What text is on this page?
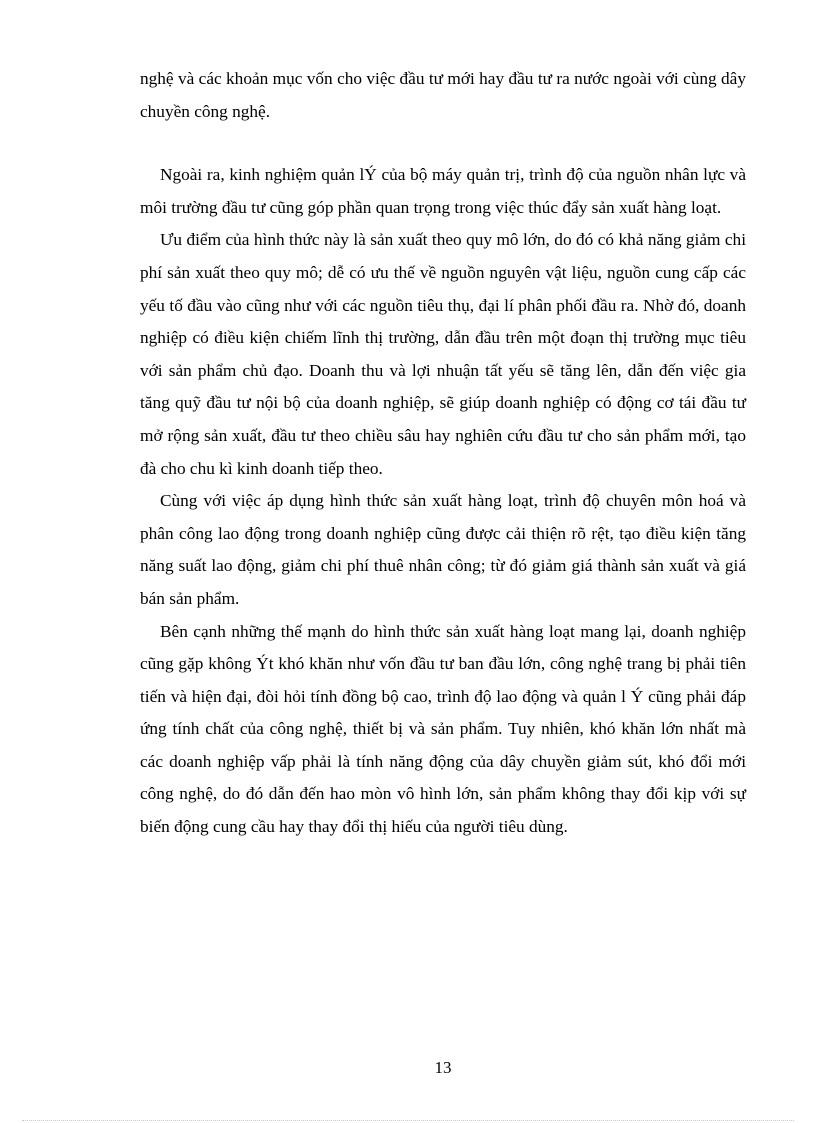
nghệ và các khoản mục vốn cho việc đầu tư mới hay đầu tư ra nước ngoài với cùng dây chuyền công nghệ.

Ngoài ra, kinh nghiệm quản lÝ của bộ máy quản trị, trình độ của nguồn nhân lực và môi trường đầu tư cũng góp phần quan trọng trong việc thúc đẩy sản xuất hàng loạt.

Ưu điểm của hình thức này là sản xuất theo quy mô lớn, do đó có khả năng giảm chi phí sản xuất theo quy mô; dễ có ưu thế về nguồn nguyên vật liệu, nguồn cung cấp các yếu tố đầu vào cũng như với các nguồn tiêu thụ, đại lí phân phối đầu ra. Nhờ đó, doanh nghiệp có điều kiện chiếm lĩnh thị trường, dẫn đầu trên một đoạn thị trường mục tiêu với sản phẩm chủ đạo. Doanh thu và lợi nhuận tất yếu sẽ tăng lên, dẫn đến việc gia tăng quỹ đầu tư nội bộ của doanh nghiệp, sẽ giúp doanh nghiệp có động cơ tái đầu tư mở rộng sản xuất, đầu tư theo chiều sâu hay nghiên cứu đầu tư cho sản phẩm mới, tạo đà cho chu kì kinh doanh tiếp theo.

Cùng với việc áp dụng hình thức sản xuất hàng loạt, trình độ chuyên môn hoá và phân công lao động trong doanh nghiệp cũng được cải thiện rõ rệt, tạo điều kiện tăng năng suất lao động, giảm chi phí thuê nhân công; từ đó giảm giá thành sản xuất và giá bán sản phẩm.

Bên cạnh những thế mạnh do hình thức sản xuất hàng loạt mang lại, doanh nghiệp cũng gặp không Ýt khó khăn như vốn đầu tư ban đầu lớn, công nghệ trang bị phải tiên tiến và hiện đại, đòi hỏi tính đồng bộ cao, trình độ lao động và quản l Ý cũng phải đáp ứng tính chất của công nghệ, thiết bị và sản phẩm. Tuy nhiên, khó khăn lớn nhất mà các doanh nghiệp vấp phải là tính năng động của dây chuyền giảm sút, khó đổi mới công nghệ, do đó dẫn đến hao mòn vô hình lớn, sản phẩm không thay đổi kịp với sự biến động cung cầu hay thay đổi thị hiếu của người tiêu dùng.

13
